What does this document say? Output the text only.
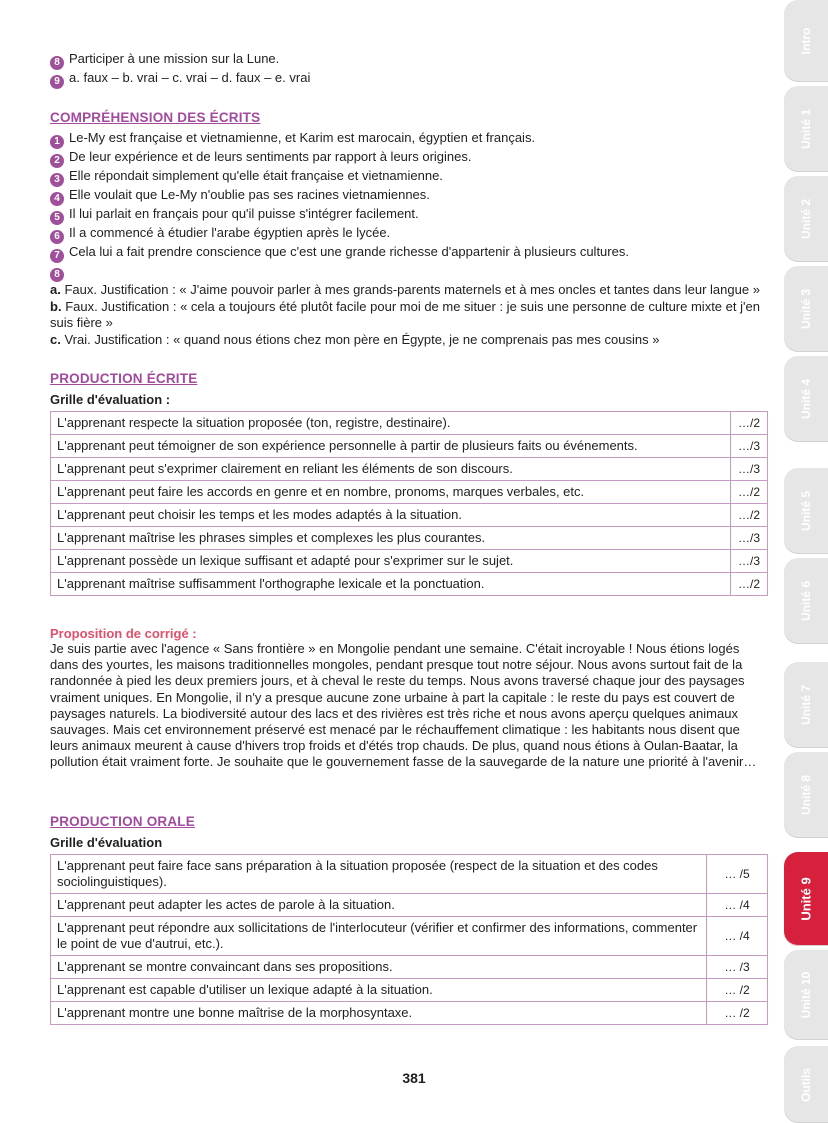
8 Participer à une mission sur la Lune.
9 a. faux – b. vrai – c. vrai – d. faux – e. vrai
COMPRÉHENSION DES ÉCRITS
1 Le-My est française et vietnamienne, et Karim est marocain, égyptien et français.
2 De leur expérience et de leurs sentiments par rapport à leurs origines.
3 Elle répondait simplement qu'elle était française et vietnamienne.
4 Elle voulait que Le-My n'oublie pas ses racines vietnamiennes.
5 Il lui parlait en français pour qu'il puisse s'intégrer facilement.
6 Il a commencé à étudier l'arabe égyptien après le lycée.
7 Cela lui a fait prendre conscience que c'est une grande richesse d'appartenir à plusieurs cultures.
8
a. Faux. Justification : « J'aime pouvoir parler à mes grands-parents maternels et à mes oncles et tantes dans leur langue »
b. Faux. Justification : « cela a toujours été plutôt facile pour moi de me situer : je suis une personne de culture mixte et j'en suis fière »
c. Vrai. Justification : « quand nous étions chez mon père en Égypte, je ne comprenais pas mes cousins »
PRODUCTION ÉCRITE
Grille d'évaluation :
L'apprenant respecte la situation proposée (ton, registre, destinaire).	…/2
L'apprenant peut témoigner de son expérience personnelle à partir de plusieurs faits ou événements.	…/3
L'apprenant peut s'exprimer clairement en reliant les éléments de son discours.	…/3
L'apprenant peut faire les accords en genre et en nombre, pronoms, marques verbales, etc.	…/2
L'apprenant peut choisir les temps et les modes adaptés à la situation.	…/2
L'apprenant maîtrise les phrases simples et complexes les plus courantes.	…/3
L'apprenant possède un lexique suffisant et adapté pour s'exprimer sur le sujet.	…/3
L'apprenant maîtrise suffisamment l'orthographe lexicale et la ponctuation.	…/2
Proposition de corrigé :
Je suis partie avec l'agence « Sans frontière » en Mongolie pendant une semaine. C'était incroyable ! Nous étions logés dans des yourtes, les maisons traditionnelles mongoles, pendant presque tout notre séjour. Nous avons surtout fait de la randonnée à pied les deux premiers jours, et à cheval le reste du temps. Nous avons traversé chaque jour des paysages vraiment uniques. En Mongolie, il n'y a presque aucune zone urbaine à part la capitale : le reste du pays est couvert de paysages naturels. La biodiversité autour des lacs et des rivières est très riche et nous avons aperçu quelques animaux sauvages. Mais cet environnement préservé est menacé par le réchauffement climatique : les habitants nous disent que leurs animaux meurent à cause d'hivers trop froids et d'étés trop chauds. De plus, quand nous étions à Oulan-Baatar, la pollution était vraiment forte. Je souhaite que le gouvernement fasse de la sauvegarde de la nature une priorité à l'avenir…
PRODUCTION ORALE
Grille d'évaluation
L'apprenant peut faire face sans préparation à la situation proposée (respect de la situation et des codes sociolinguistiques).	… /5
L'apprenant peut adapter les actes de parole à la situation.	… /4
L'apprenant peut répondre aux sollicitations de l'interlocuteur (vérifier et confirmer des informations, commenter le point de vue d'autrui, etc.).	… /4
L'apprenant se montre convaincant dans ses propositions.	… /3
L'apprenant est capable d'utiliser un lexique adapté à la situation.	… /2
L'apprenant montre une bonne maîtrise de la morphosyntaxe.	… /2
381
Intro
Unité 1
Unité 2
Unité 3
Unité 4
Unité 5
Unité 6
Unité 7
Unité 8
Unité 9
Unité 10
Outils
